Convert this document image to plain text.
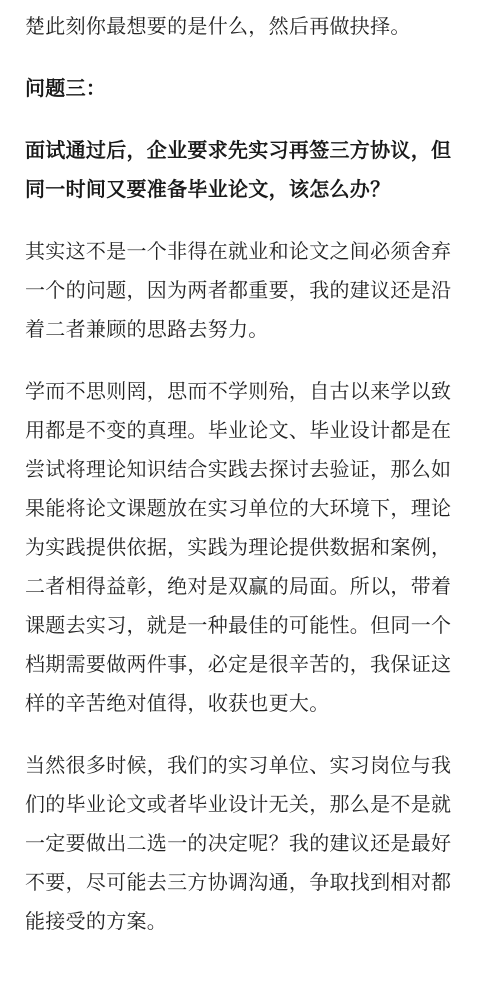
楚此刻你最想要的是什么，然后再做抉择。
问题三：
面试通过后，企业要求先实习再签三方协议，但
同一时间又要准备毕业论文，该怎么办？
其实这不是一个非得在就业和论文之间必须舍弃
一个的问题，因为两者都重要，我的建议还是沿
着二者兼顾的思路去努力。
学而不思则罔，思而不学则殆，自古以来学以致
用都是不变的真理。毕业论文、毕业设计都是在
尝试将理论知识结合实践去探讨去验证，那么如
果能将论文课题放在实习单位的大环境下，理论
为实践提供依据，实践为理论提供数据和案例，
二者相得益彰，绝对是双赢的局面。所以，带着
课题去实习，就是一种最佳的可能性。但同一个
档期需要做两件事，必定是很辛苦的，我保证这
样的辛苦绝对值得，收获也更大。
当然很多时候，我们的实习单位、实习岗位与我
们的毕业论文或者毕业设计无关，那么是不是就
一定要做出二选一的决定呢？我的建议还是最好
不要，尽可能去三方协调沟通，争取找到相对都
能接受的方案。
